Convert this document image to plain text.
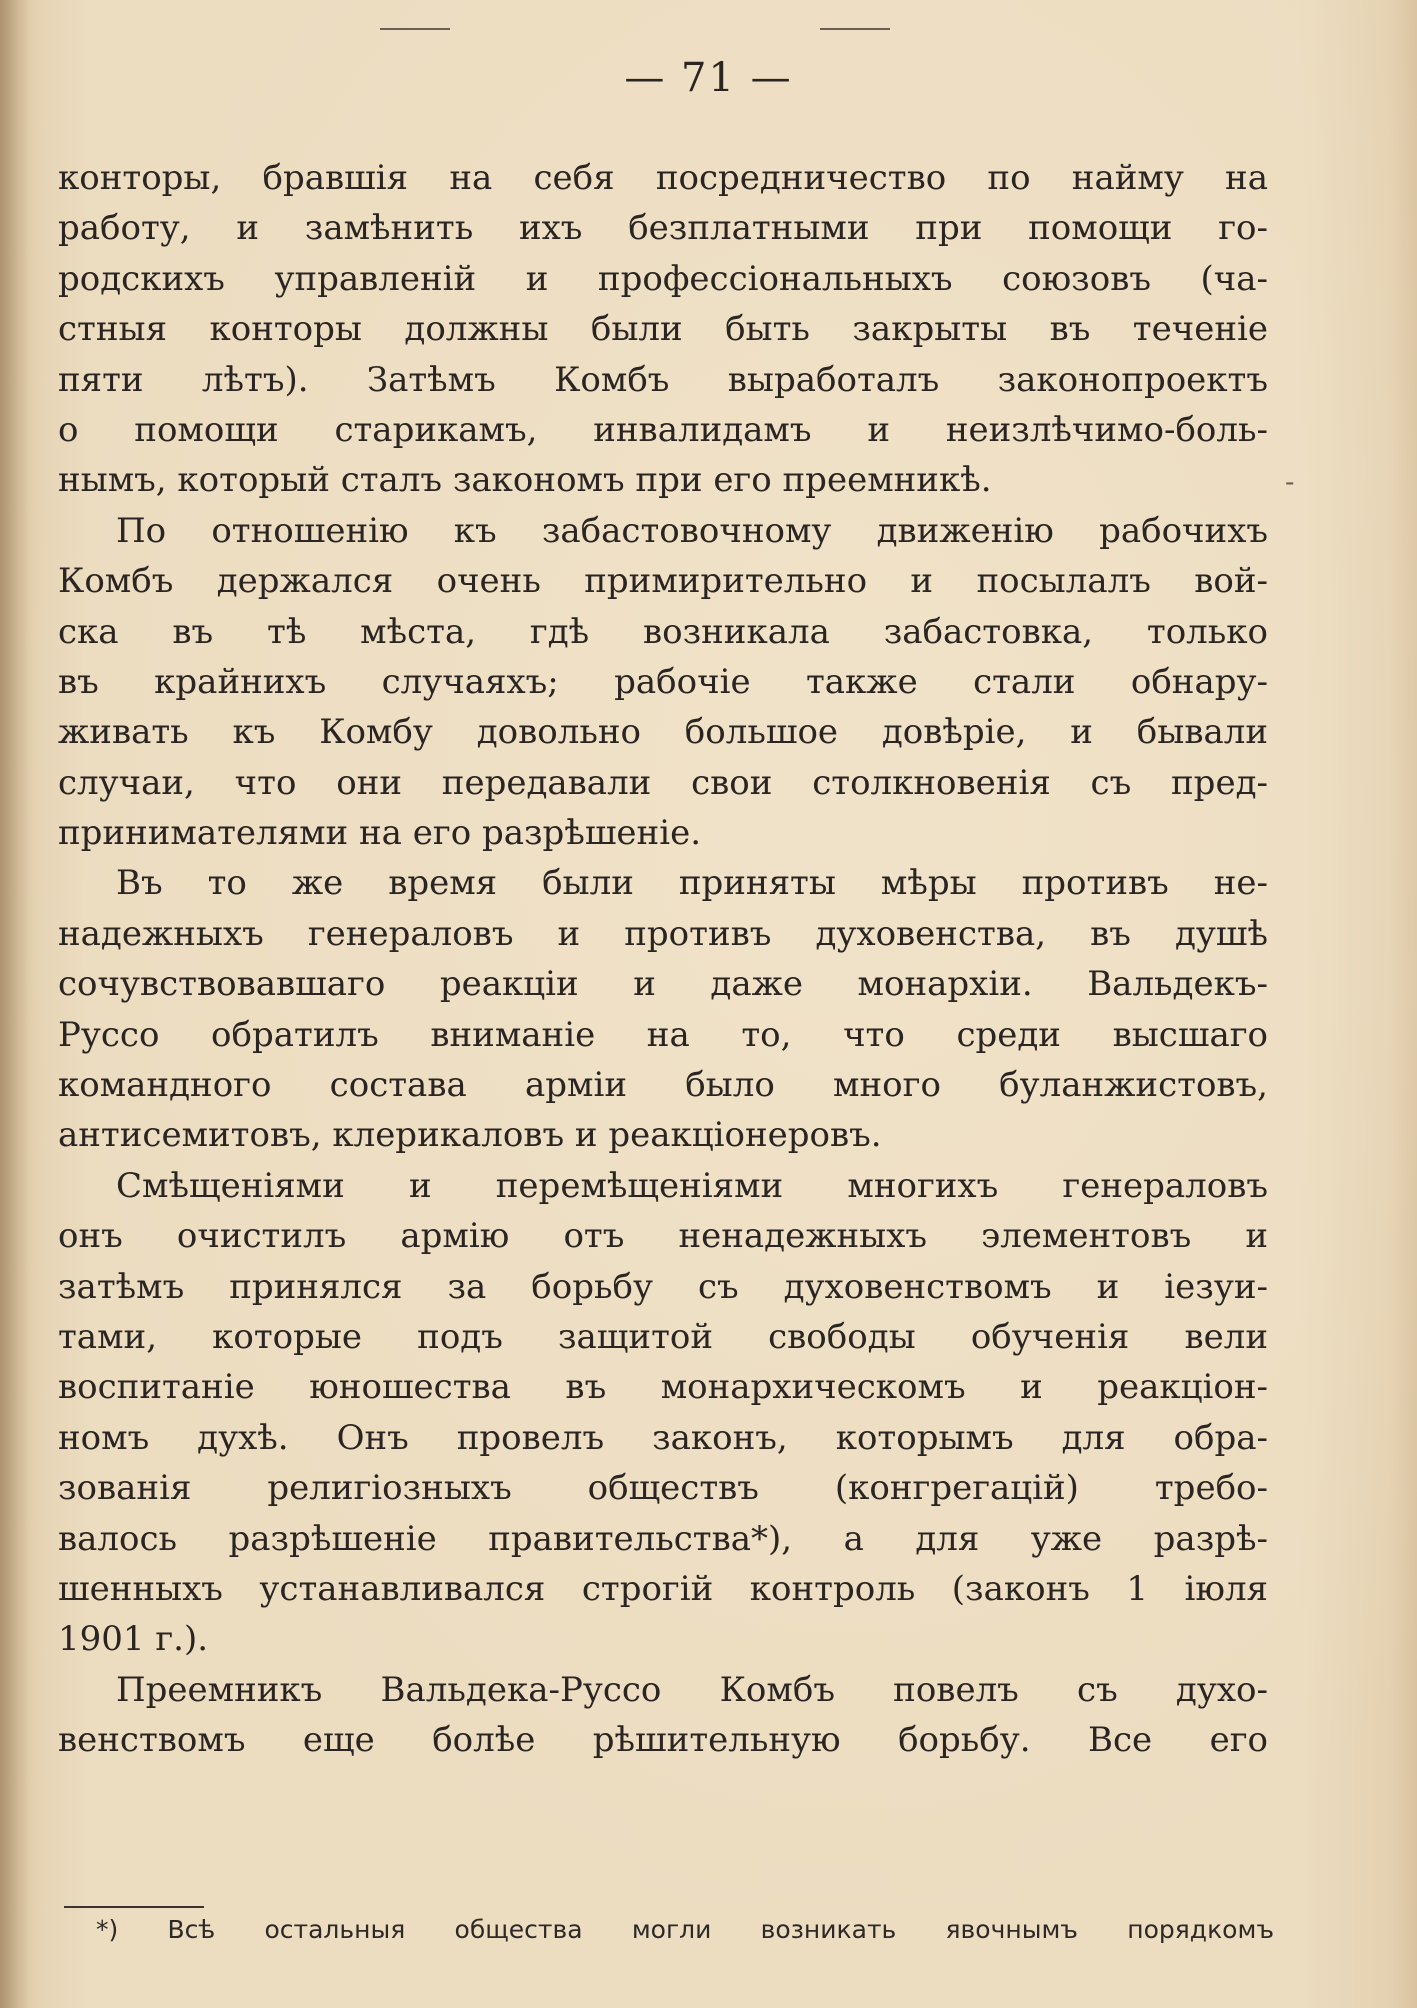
— 71 —
конторы, бравшія на себя посредничество по найму на
работу, и замѣнить ихъ безплатными при помощи го-
родскихъ управленій и профессіональныхъ союзовъ (ча-
стныя конторы должны были быть закрыты въ теченіе
пяти лѣтъ). Затѣмъ Комбъ выработалъ законопроектъ
о помощи старикамъ, инвалидамъ и неизлѣчимо-боль-
нымъ, который сталъ закономъ при его преемникѣ.
По отношенію къ забастовочному движенію рабочихъ
Комбъ держался очень примирительно и посылалъ вой-
ска въ тѣ мѣста, гдѣ возникала забастовка, только
въ крайнихъ случаяхъ; рабочіе также стали обнару-
живать къ Комбу довольно большое довѣріе, и бывали
случаи, что они передавали свои столкновенія съ пред-
принимателями на его разрѣшеніе.
Въ то же время были приняты мѣры противъ не-
надежныхъ генераловъ и противъ духовенства, въ душѣ
сочувствовавшаго реакціи и даже монархіи. Вальдекъ-
Руссо обратилъ вниманіе на то, что среди высшаго
командного состава арміи было много буланжистовъ,
антисемитовъ, клерикаловъ и реакціонеровъ.
Смѣщеніями и перемѣщеніями многихъ генераловъ
онъ очистилъ армію отъ ненадежныхъ элементовъ и
затѣмъ принялся за борьбу съ духовенствомъ и іезуи-
тами, которые подъ защитой свободы обученія вели
воспитаніе юношества въ монархическомъ и реакціон-
номъ духѣ. Онъ провелъ законъ, которымъ для обра-
зованія религіозныхъ обществъ (конгрегацій) требо-
валось разрѣшеніе правительства*), а для уже разрѣ-
шенныхъ устанавливался строгій контроль (законъ 1 іюля
1901 г.).
Преемникъ Вальдека-Руссо Комбъ повелъ съ духо-
венствомъ еще болѣе рѣшительную борьбу. Все его
-
*) Всѣ остальныя общества могли возникать явочнымъ порядкомъ
